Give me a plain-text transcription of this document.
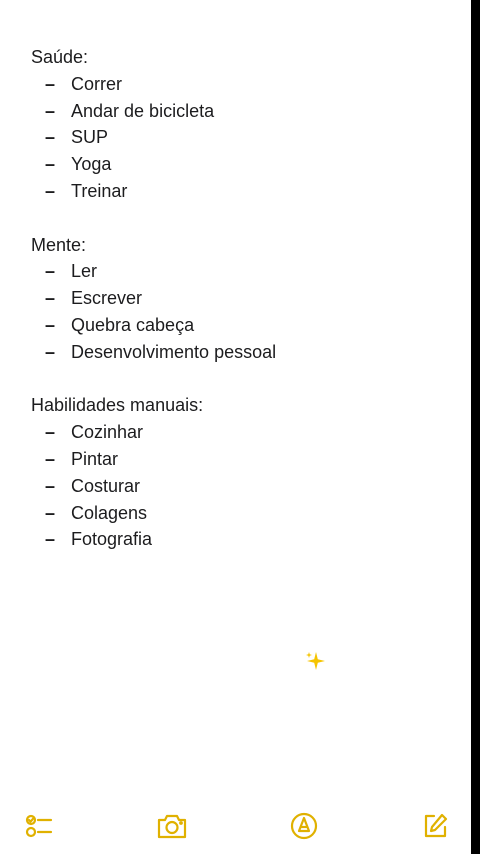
Saúde:
– Correr
– Andar de bicicleta
– SUP
– Yoga
– Treinar
Mente:
– Ler
– Escrever
– Quebra cabeça
– Desenvolvimento pessoal
Habilidades manuais:
– Cozinhar
– Pintar
– Costurar
– Colagens
– Fotografia
